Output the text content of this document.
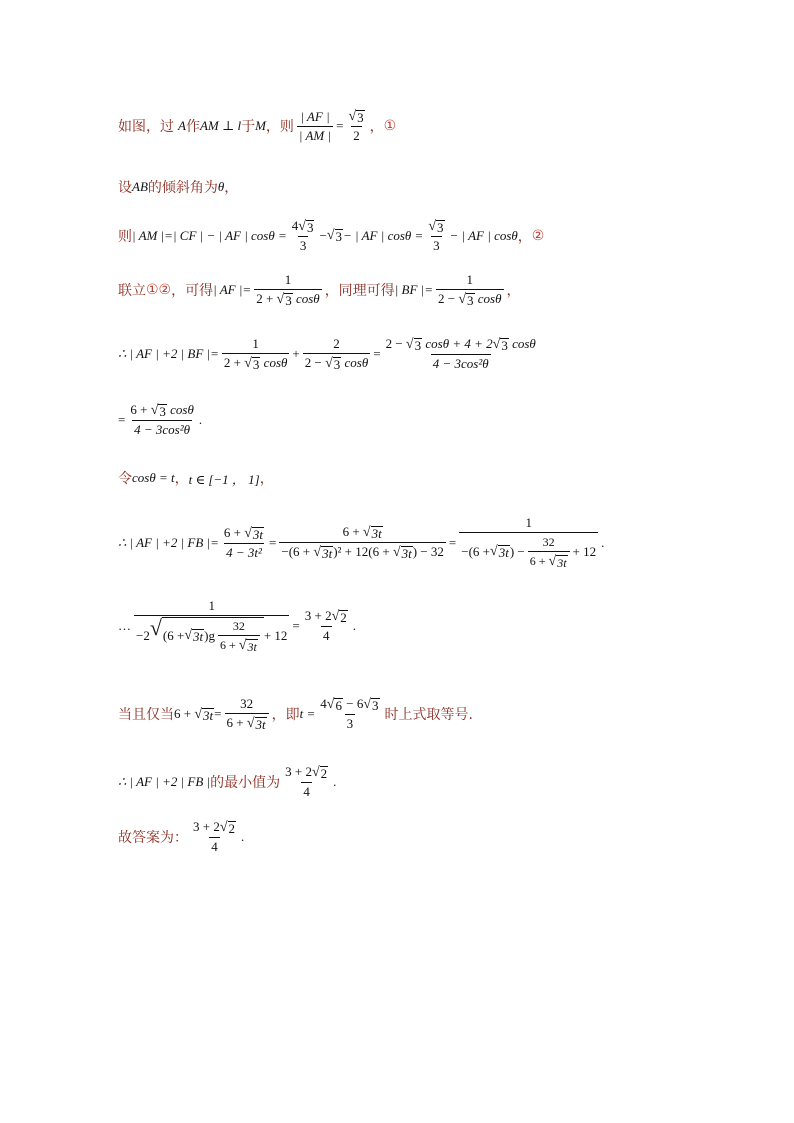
如图，过 A 作 AM ⊥ l 于 M ，则 $\frac{| AF |}{| AM |} = \frac{√ 3}{2}$ ， ①
设 AB 的倾斜角为 θ ，
则 | AM |=| CF | − | AF | $\cos\theta = \frac{4 √ 3}{3}$ − √ 3 − | AF | $\cos\theta = \frac{√ 3}{3}$ − | AF | cosθ ， ②
联立 ①② ，可得 | AF |= $\frac{1}{2 + √ 3 \cos\theta}$ ，同理可得 | BF |= $\frac{1}{2 - √ 3 \cos\theta}$ ，
∴ | AF | +2 | BF |= $\frac{1}{2 + √ 3 \cos\theta} + \frac{2}{2 - √ 3 \cos\theta} = \frac{2 - √ 3 \cos\theta + 4 + 2 √ 3 \cos\theta}{\text{4 − 3cos²θ}}$
= $\frac{6 + √ 3 \cos\theta}{\text{4 − 3cos²θ}}$ .
令 cosθ = t ， t ∈ [−1 ， 1] ，
∴ | AF | +2 | FB |= $\frac{6 + √ 3t}{\text{4 − 3t²}} = \frac{6 + √ 3t}{\text{−(6 + √ 3t )² + 12(6 + √ 3t ) − 32}}$ =
1
−(6 + √ 3t ) − $\frac{32}{6 + √ 3t} + 12$
.
…
1
−2 √ (6 + √ 3t )$g \frac{32}{6 + √ 3t} + 12$
= $\frac{3 + 2 √ 2}{4}$ .
当且仅当 6 + √ $3t = \frac{32}{6 + √ 3t}$ ，即 $t = \frac{4 √ 6 - 6 √ 3}{3}$ 时上式取等号.
∴ | AF | +2 | FB | 的最小值为 $\frac{3 + 2 √ 2}{4}$ .
故答案为： $\frac{3 + 2 √ 2}{4}$ .
